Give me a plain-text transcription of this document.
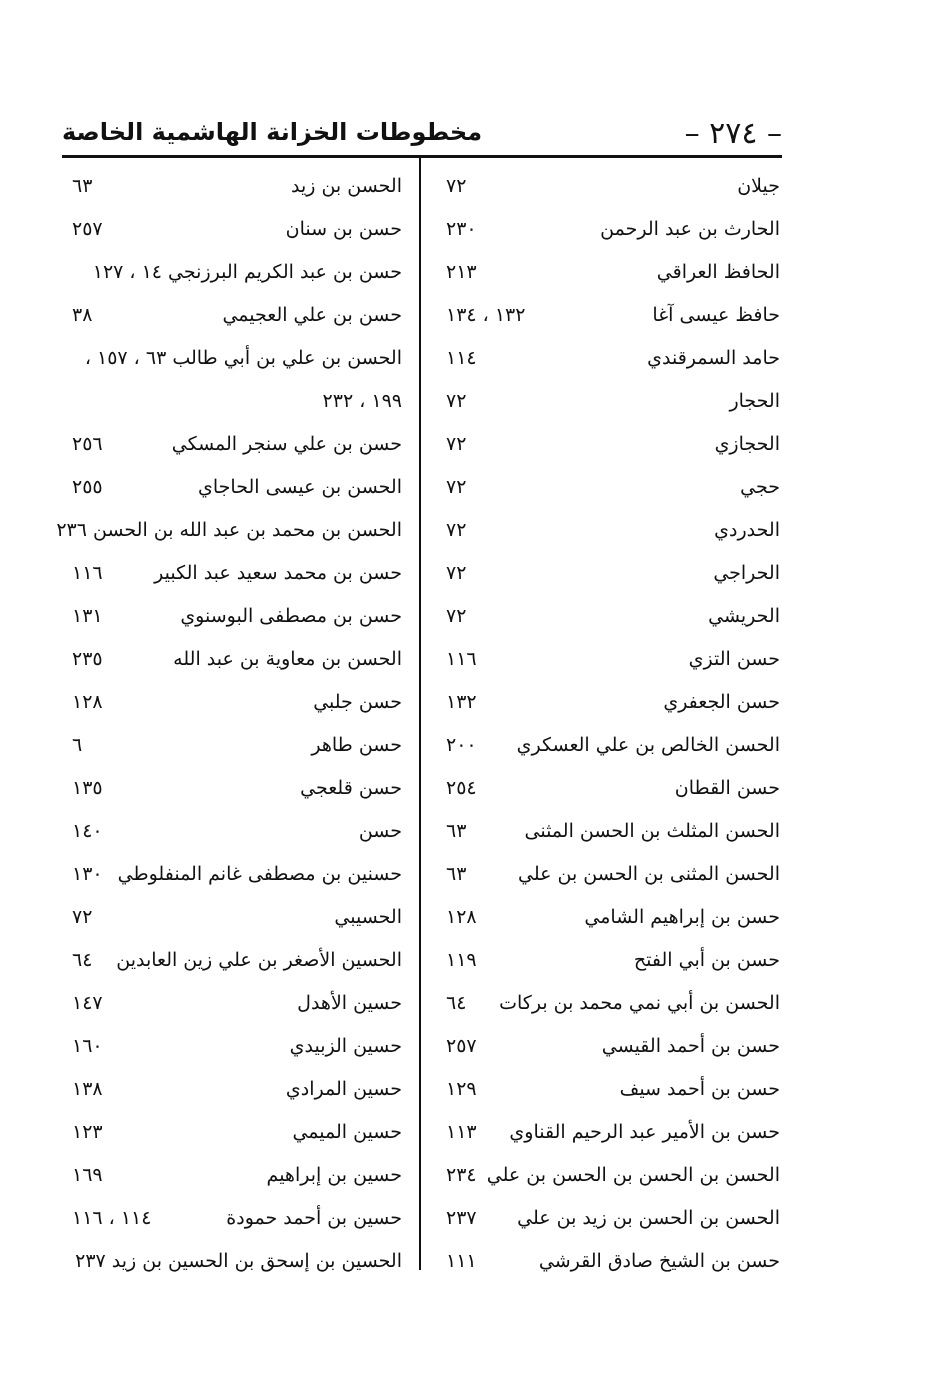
– ٢٧٤ –
مخطوطات الخزانة الهاشمية الخاصة
جيلان
٧٢
الحارث بن عبد الرحمن
٢٣٠
الحافظ العراقي
٢١٣
حافظ عيسى آغا
١٣٢ ، ١٣٤
حامد السمرقندي
١١٤
الحجار
٧٢
الحجازي
٧٢
حجي
٧٢
الحدردي
٧٢
الحراجي
٧٢
الحريشي
٧٢
حسن التزي
١١٦
حسن الجعفري
١٣٢
الحسن الخالص بن علي العسكري
٢٠٠
حسن القطان
٢٥٤
الحسن المثلث بن الحسن المثنى
٦٣
الحسن المثنى بن الحسن بن علي
٦٣
حسن بن إبراهيم الشامي
١٢٨
حسن بن أبي الفتح
١١٩
الحسن بن أبي نمي محمد بن بركات
٦٤
حسن بن أحمد القيسي
٢٥٧
حسن بن أحمد سيف
١٢٩
حسن بن الأمير عبد الرحيم القناوي
١١٣
الحسن بن الحسن بن الحسن بن علي
٢٣٤
الحسن بن الحسن بن زيد بن علي
٢٣٧
حسن بن الشيخ صادق القرشي
١١١
الحسن بن زيد
٦٣
حسن بن سنان
٢٥٧
حسن بن عبد الكريم البرزنجي ١٤ ، ١٢٧
حسن بن علي العجيمي
٣٨
الحسن بن علي بن أبي طالب ٦٣ ، ١٥٧ ،
١٩٩ ، ٢٣٢
حسن بن علي سنجر المسكي
٢٥٦
الحسن بن عيسى الحاجاي
٢٥٥
الحسن بن محمد بن عبد الله بن الحسن ٢٣٦
حسن بن محمد سعيد عبد الكبير
١١٦
حسن بن مصطفى البوسنوي
١٣١
الحسن بن معاوية بن عبد الله
٢٣٥
حسن جلبي
١٢٨
حسن طاهر
٦
حسن قلعجي
١٣٥
حسن
١٤٠
حسنين بن مصطفى غانم المنفلوطي
١٣٠
الحسيبي
٧٢
الحسين الأصغر بن علي زين العابدين
٦٤
حسين الأهدل
١٤٧
حسين الزبيدي
١٦٠
حسين المرادي
١٣٨
حسين الميمي
١٢٣
حسين بن إبراهيم
١٦٩
حسين بن أحمد حمودة
١١٤ ، ١١٦
الحسين بن إسحق بن الحسين بن زيد ٢٣٧
